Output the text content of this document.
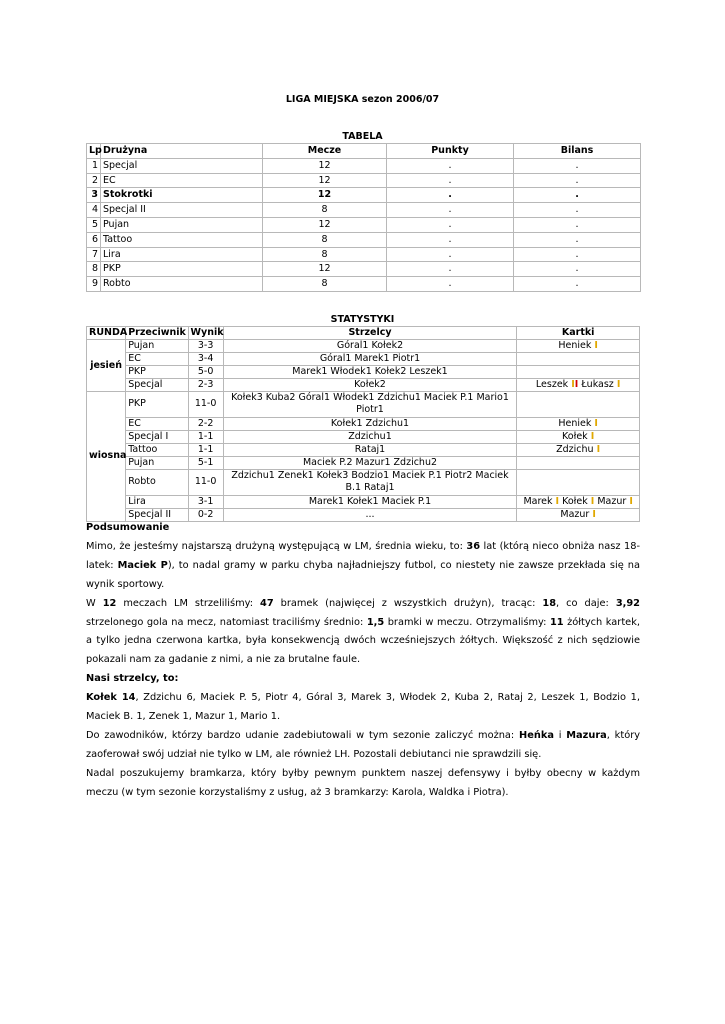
LIGA MIEJSKA sezon 2006/07
TABELA
Lp	Drużyna	Mecze	Punkty	Bilans
1	Specjal	12	.	.
2	EC	12	.	.
3	Stokrotki	12	.	.
4	Specjal II	8	.	.
5	Pujan	12	.	.
6	Tattoo	8	.	.
7	Lira	8	.	.
8	PKP	12	.	.
9	Robto	8	.	.
STATYSTYKI
RUNDA	Przeciwnik	Wynik	Strzelcy	Kartki
jesień	Pujan	3-3	Góral1 Kołek2	Heniek I
	EC	3-4	Góral1 Marek1 Piotr1	
	PKP	5-0	Marek1 Włodek1 Kołek2 Leszek1	
	Specjal	2-3	Kołek2	Leszek II Łukasz I
wiosna	PKP	11-0	Kołek3 Kuba2 Góral1 Włodek1 Zdzichu1 Maciek P.1 Mario1 Piotr1	
	EC	2-2	Kołek1 Zdzichu1	Heniek I
	Specjal I	1-1	Zdzichu1	Kołek I
	Tattoo	1-1	Rataj1	Zdzichu I
	Pujan	5-1	Maciek P.2 Mazur1 Zdzichu2	
	Robto	11-0	Zdzichu1 Zenek1 Kołek3 Bodzio1 Maciek P.1 Piotr2 Maciek B.1 Rataj1	
	Lira	3-1	Marek1 Kołek1 Maciek P.1	Marek I Kołek I Mazur I
	Specjal II	0-2	...	Mazur I

Podsumowanie

Mimo, że jesteśmy najstarszą drużyną występującą w LM, średnia wieku, to: 36 lat (którą nieco obniża nasz 18-latek: Maciek P), to nadal gramy w parku chyba najładniejszy futbol, co niestety nie zawsze przekłada się na wynik sportowy.

W 12 meczach LM strzeliliśmy: 47 bramek (najwięcej z wszystkich drużyn), tracąc: 18, co daje: 3,92 strzelonego gola na mecz, natomiast traciliśmy średnio: 1,5 bramki w meczu. Otrzymaliśmy: 11 żółtych kartek, a tylko jedna czerwona kartka, była konsekwencją dwóch wcześniejszych żółtych. Większość z nich sędziowie pokazali nam za gadanie z nimi, a nie za brutalne faule.

Nasi strzelcy, to:

Kołek 14, Zdzichu 6, Maciek P. 5, Piotr 4, Góral 3, Marek 3, Włodek 2, Kuba 2, Rataj 2, Leszek 1, Bodzio 1, Maciek B. 1, Zenek 1, Mazur 1, Mario 1.

Do zawodników, którzy bardzo udanie zadebiutowali w tym sezonie zaliczyć można: Heńka i Mazura, który zaoferował swój udział nie tylko w LM, ale również LH. Pozostali debiutanci nie sprawdzili się.

Nadal poszukujemy bramkarza, który byłby pewnym punktem naszej defensywy i byłby obecny w każdym meczu (w tym sezonie korzystaliśmy z usług, aż 3 bramkarzy: Karola, Waldka i Piotra).
